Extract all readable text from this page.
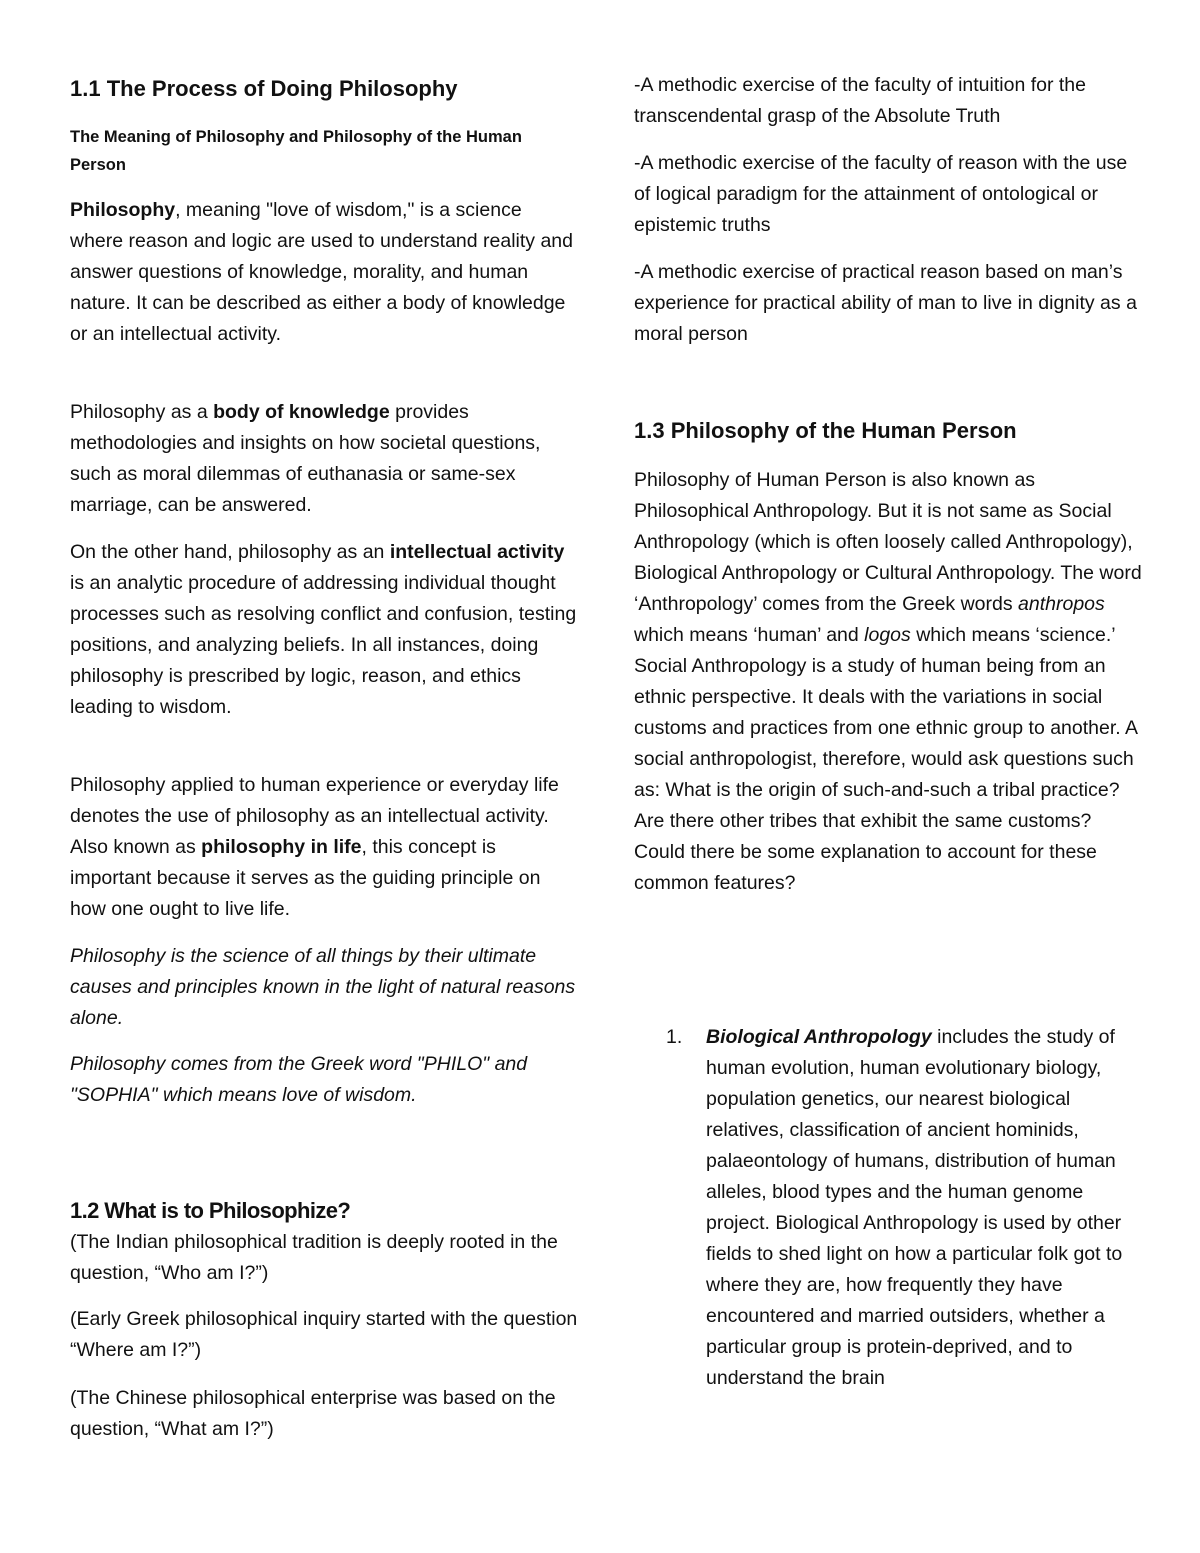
1.1 The Process of Doing Philosophy

The Meaning of Philosophy and Philosophy of the Human Person

Philosophy, meaning "love of wisdom," is a science where reason and logic are used to understand reality and answer questions of knowledge, morality, and human nature. It can be described as either a body of knowledge or an intellectual activity.

Philosophy as a body of knowledge provides methodologies and insights on how societal questions, such as moral dilemmas of euthanasia or same-sex marriage, can be answered.

On the other hand, philosophy as an intellectual activity is an analytic procedure of addressing individual thought processes such as resolving conflict and confusion, testing positions, and analyzing beliefs. In all instances, doing philosophy is prescribed by logic, reason, and ethics leading to wisdom.

Philosophy applied to human experience or everyday life denotes the use of philosophy as an intellectual activity. Also known as philosophy in life, this concept is important because it serves as the guiding principle on how one ought to live life.

Philosophy is the science of all things by their ultimate causes and principles known in the light of natural reasons alone.

Philosophy comes from the Greek word "PHILO" and "SOPHIA" which means love of wisdom.

1.2 What is to Philosophize?

(The Indian philosophical tradition is deeply rooted in the question, “Who am I?”)

(Early Greek philosophical inquiry started with the question “Where am I?”)

(The Chinese philosophical enterprise was based on the question, “What am I?”)

-A methodic exercise of the faculty of intuition for the transcendental grasp of the Absolute Truth

-A methodic exercise of the faculty of reason with the use of logical paradigm for the attainment of ontological or epistemic truths

-A methodic exercise of practical reason based on man’s experience for practical ability of man to live in dignity as a moral person

1.3 Philosophy of the Human Person

Philosophy of Human Person is also known as Philosophical Anthropology. But it is not same as Social Anthropology (which is often loosely called Anthropology), Biological Anthropology or Cultural Anthropology. The word ‘Anthropology’ comes from the Greek words anthropos which means ‘human’ and logos which means ‘science.’ Social Anthropology is a study of human being from an ethnic perspective. It deals with the variations in social customs and practices from one ethnic group to another. A social anthropologist, therefore, would ask questions such as: What is the origin of such-and-such a tribal practice? Are there other tribes that exhibit the same customs? Could there be some explanation to account for these common features?

1. Biological Anthropology includes the study of human evolution, human evolutionary biology, population genetics, our nearest biological relatives, classification of ancient hominids, palaeontology of humans, distribution of human alleles, blood types and the human genome project. Biological Anthropology is used by other fields to shed light on how a particular folk got to where they are, how frequently they have encountered and married outsiders, whether a particular group is protein-deprived, and to understand the brain
